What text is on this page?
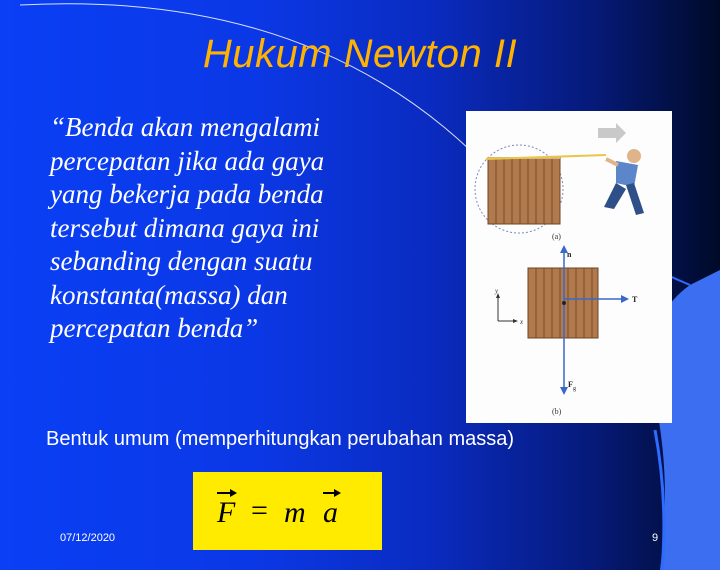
Hukum Newton II
“Benda akan mengalami
percepatan jika ada gaya
yang bekerja pada benda
tersebut dimana gaya ini
sebanding dengan suatu
konstanta(massa) dan
percepatan benda”
(a)
n
T
F g
y
x
(b)
Bentuk umum (memperhitungkan perubahan massa)
F = m a
07/12/2020	9
